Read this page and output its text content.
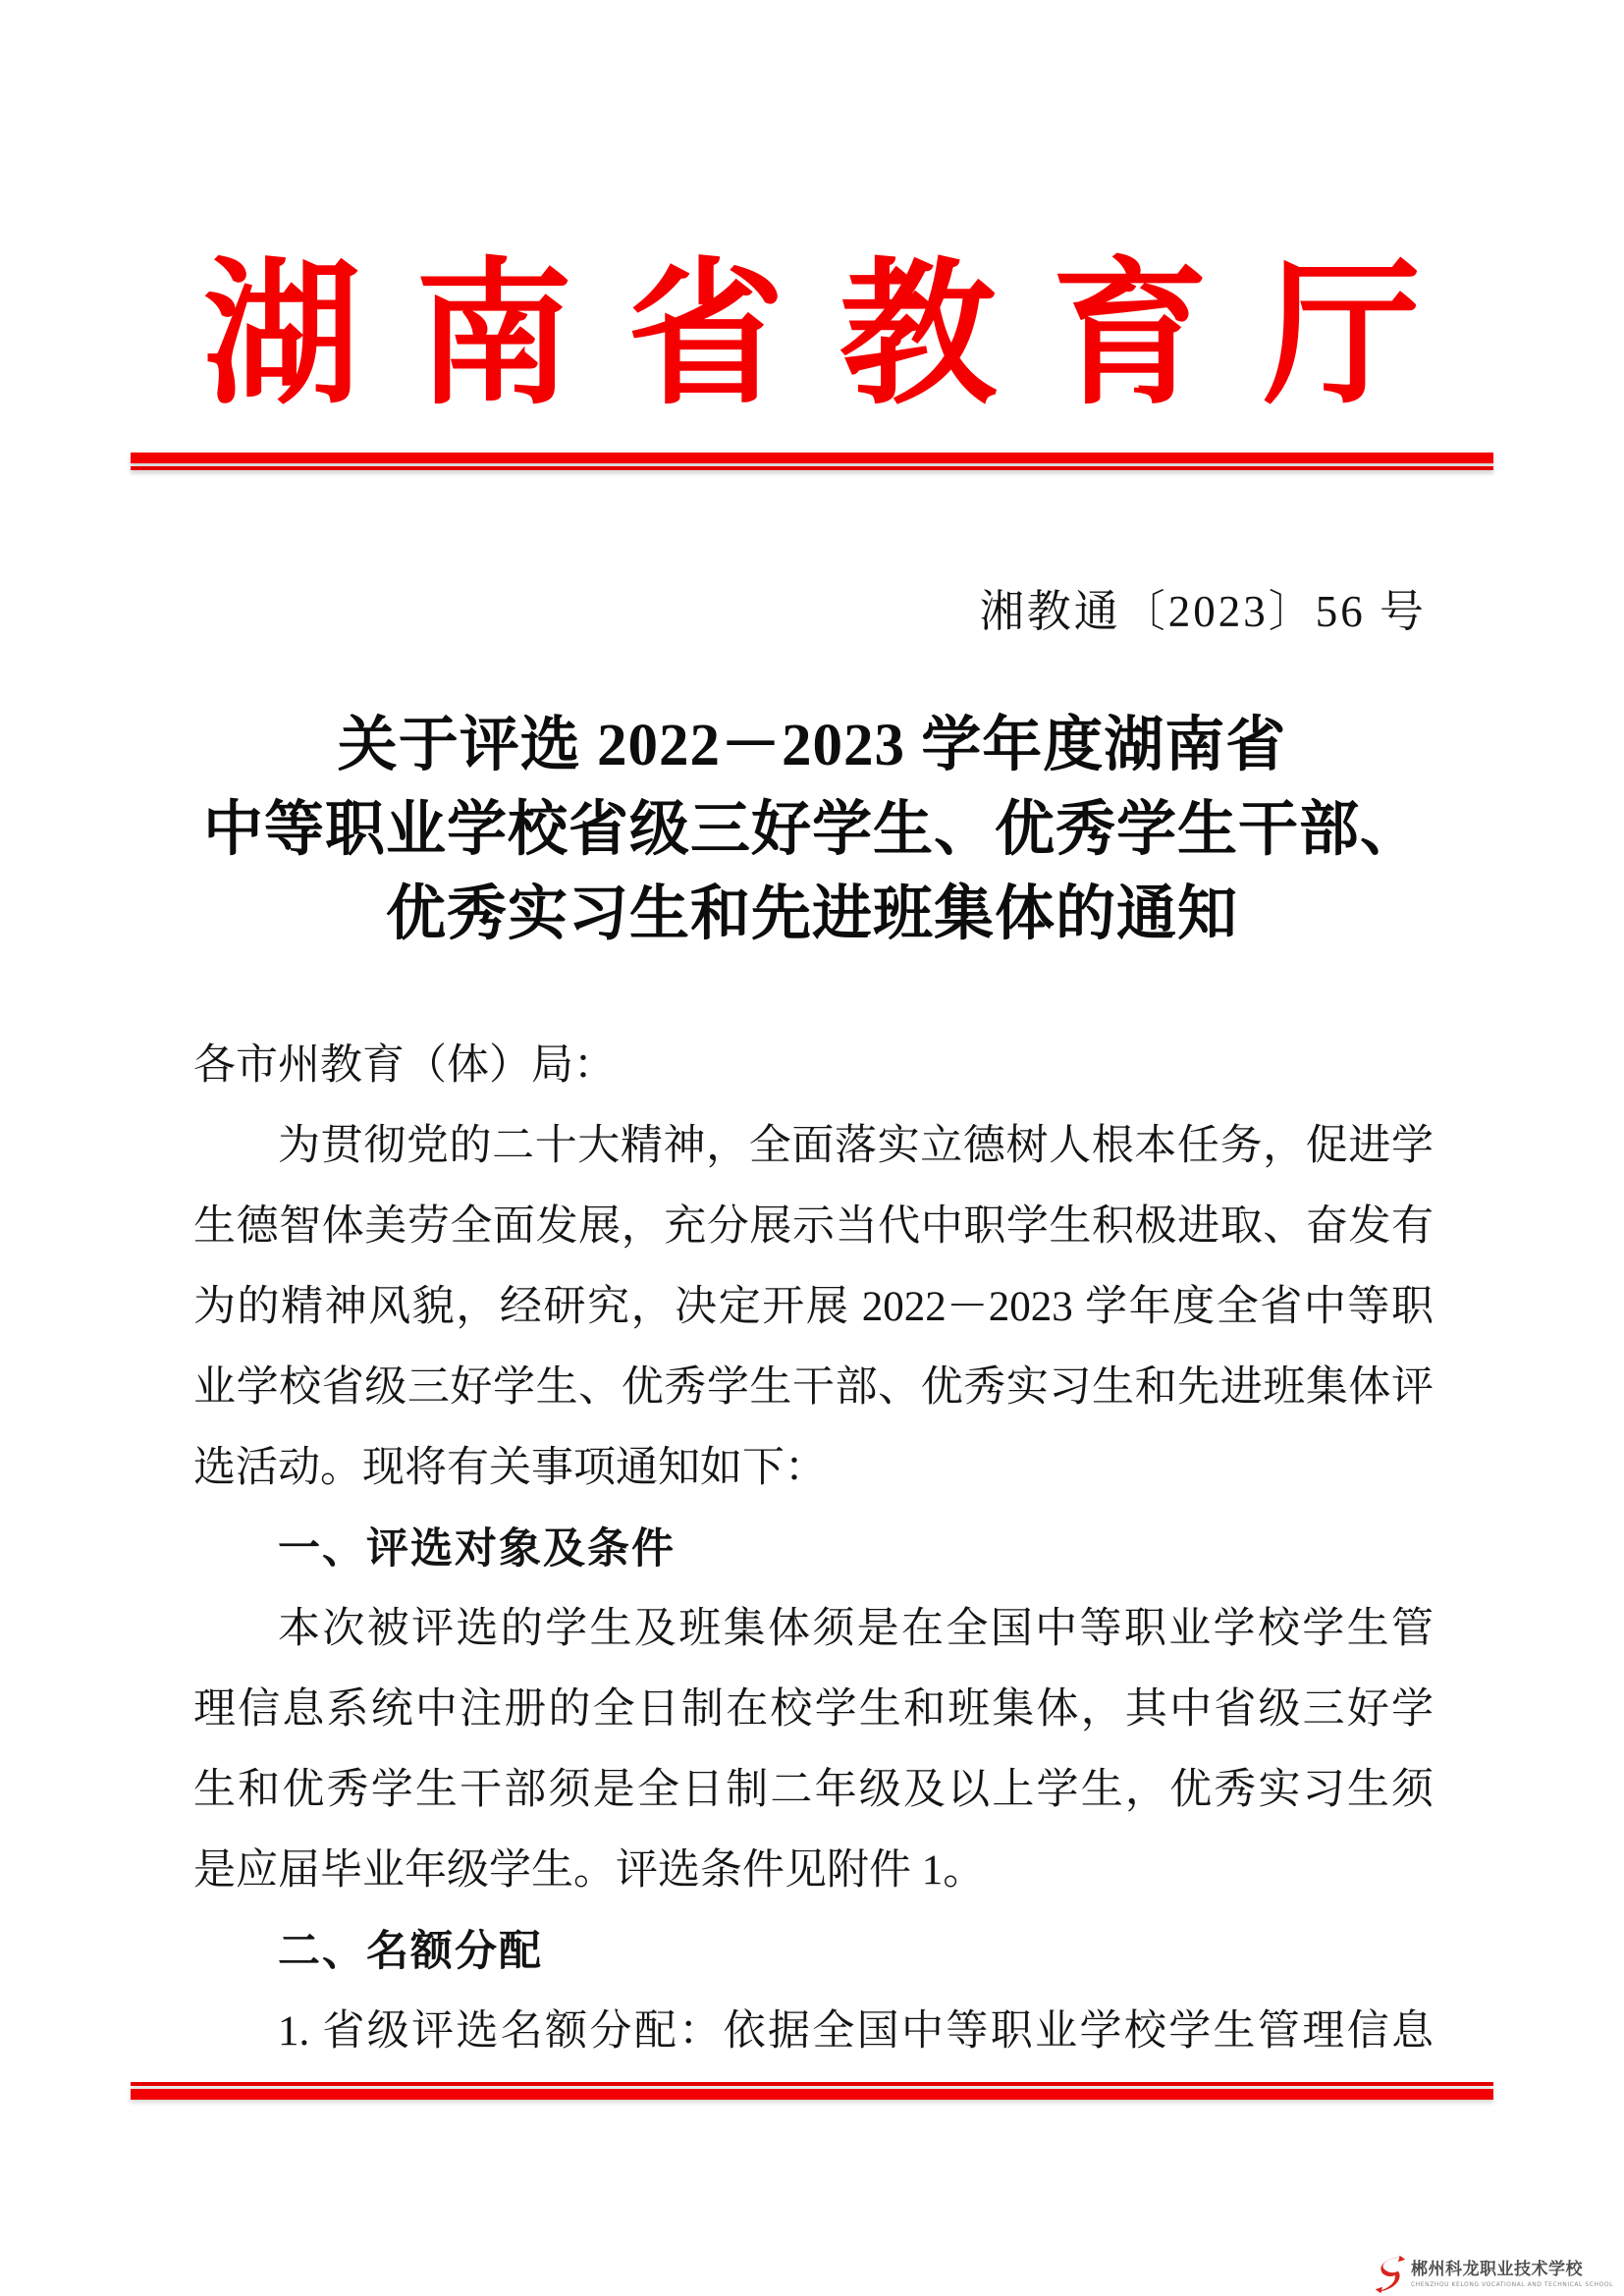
湖 南 省 教 育 厅
湘教通〔2023〕56 号
关于评选 2022－2023 学年度湖南省
中等职业学校省级三好学生、优秀学生干部、
优秀实习生和先进班集体的通知
各市州教育（体）局：
为贯彻党的二十大精神，全面落实立德树人根本任务，促进学
生德智体美劳全面发展，充分展示当代中职学生积极进取、奋发有
为的精神风貌，经研究，决定开展 2022－2023 学年度全省中等职
业学校省级三好学生、优秀学生干部、优秀实习生和先进班集体评
选活动。现将有关事项通知如下：
一、评选对象及条件
本次被评选的学生及班集体须是在全国中等职业学校学生管
理信息系统中注册的全日制在校学生和班集体，其中省级三好学
生和优秀学生干部须是全日制二年级及以上学生，优秀实习生须
是应届毕业年级学生。评选条件见附件 1。
二、名额分配
1. 省级评选名额分配：依据全国中等职业学校学生管理信息
郴州科龙职业技术学校
CHENZHOU KELONG VOCATIONAL AND TECHNICAL SCHOOL
